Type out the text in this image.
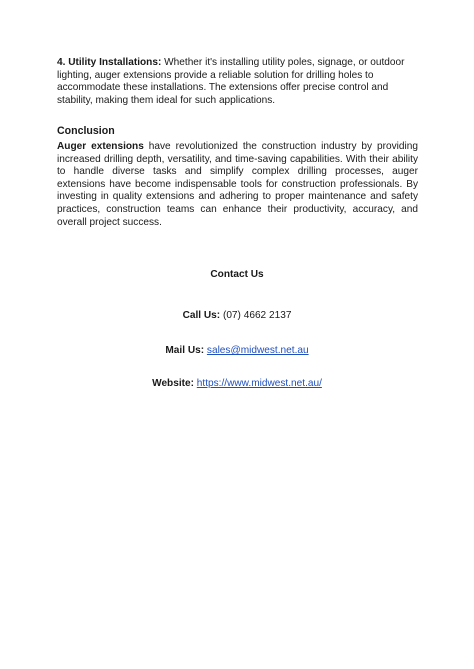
4. Utility Installations: Whether it's installing utility poles, signage, or outdoor lighting, auger extensions provide a reliable solution for drilling holes to accommodate these installations. The extensions offer precise control and stability, making them ideal for such applications.

Conclusion

Auger extensions have revolutionized the construction industry by providing increased drilling depth, versatility, and time-saving capabilities. With their ability to handle diverse tasks and simplify complex drilling processes, auger extensions have become indispensable tools for construction professionals. By investing in quality extensions and adhering to proper maintenance and safety practices, construction teams can enhance their productivity, accuracy, and overall project success.

Contact Us

Call Us: (07) 4662 2137

Mail Us: sales@midwest.net.au

Website: https://www.midwest.net.au/
